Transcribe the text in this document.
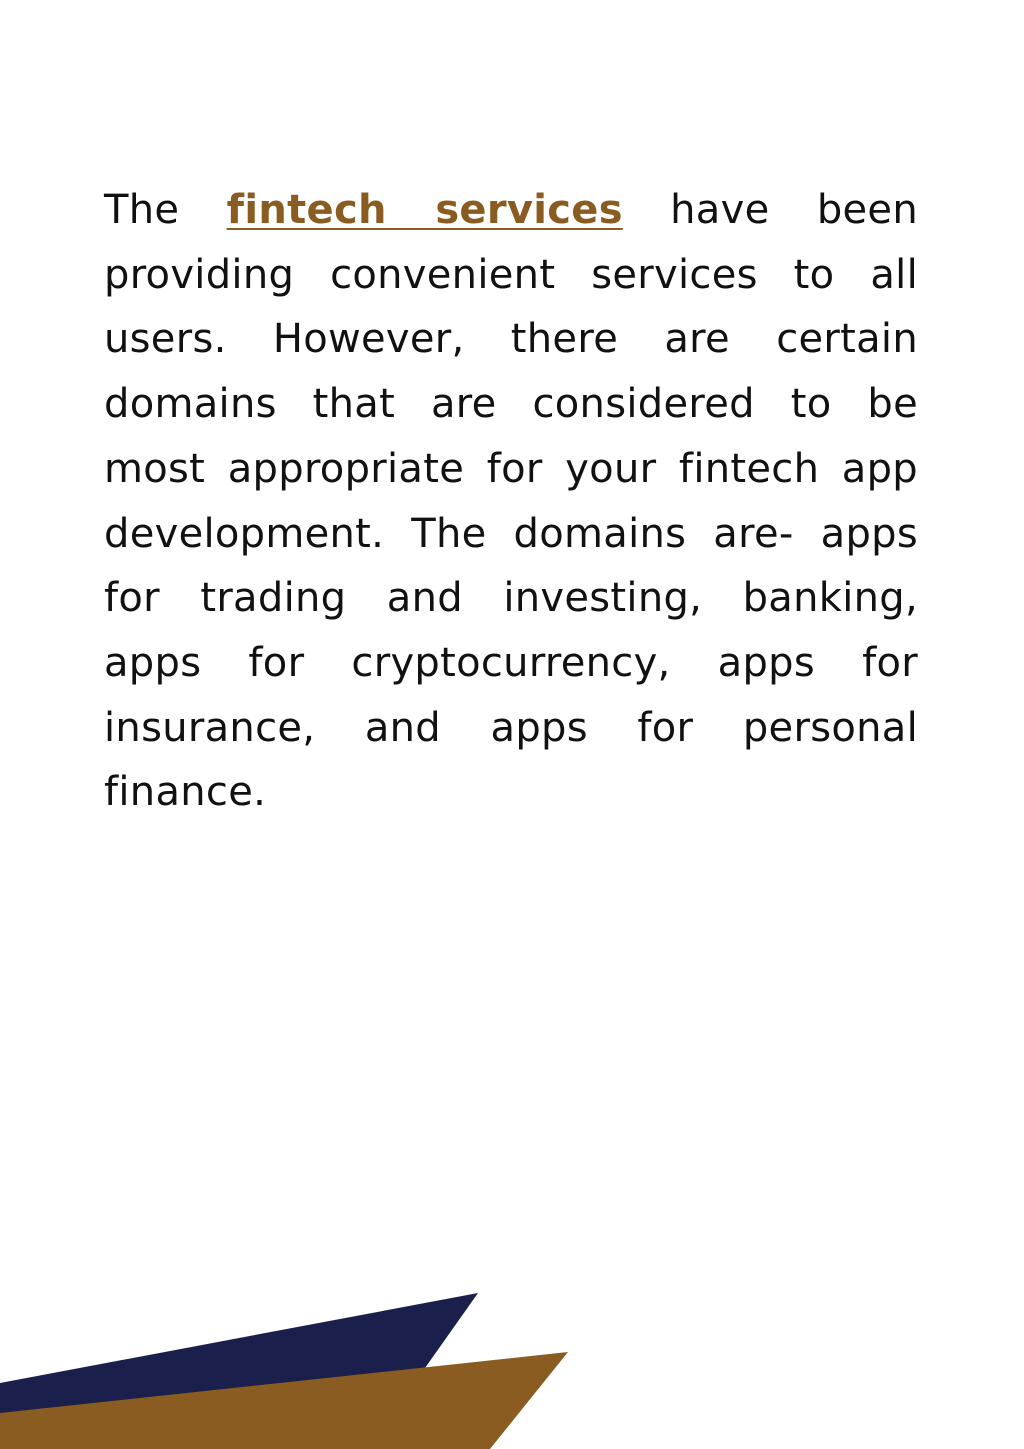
The fintech services have been providing convenient services to all users. However, there are certain domains that are considered to be most appropriate for your fintech app development. The domains are- apps for trading and investing, banking, apps for cryptocurrency, apps for insurance, and apps for personal finance.
